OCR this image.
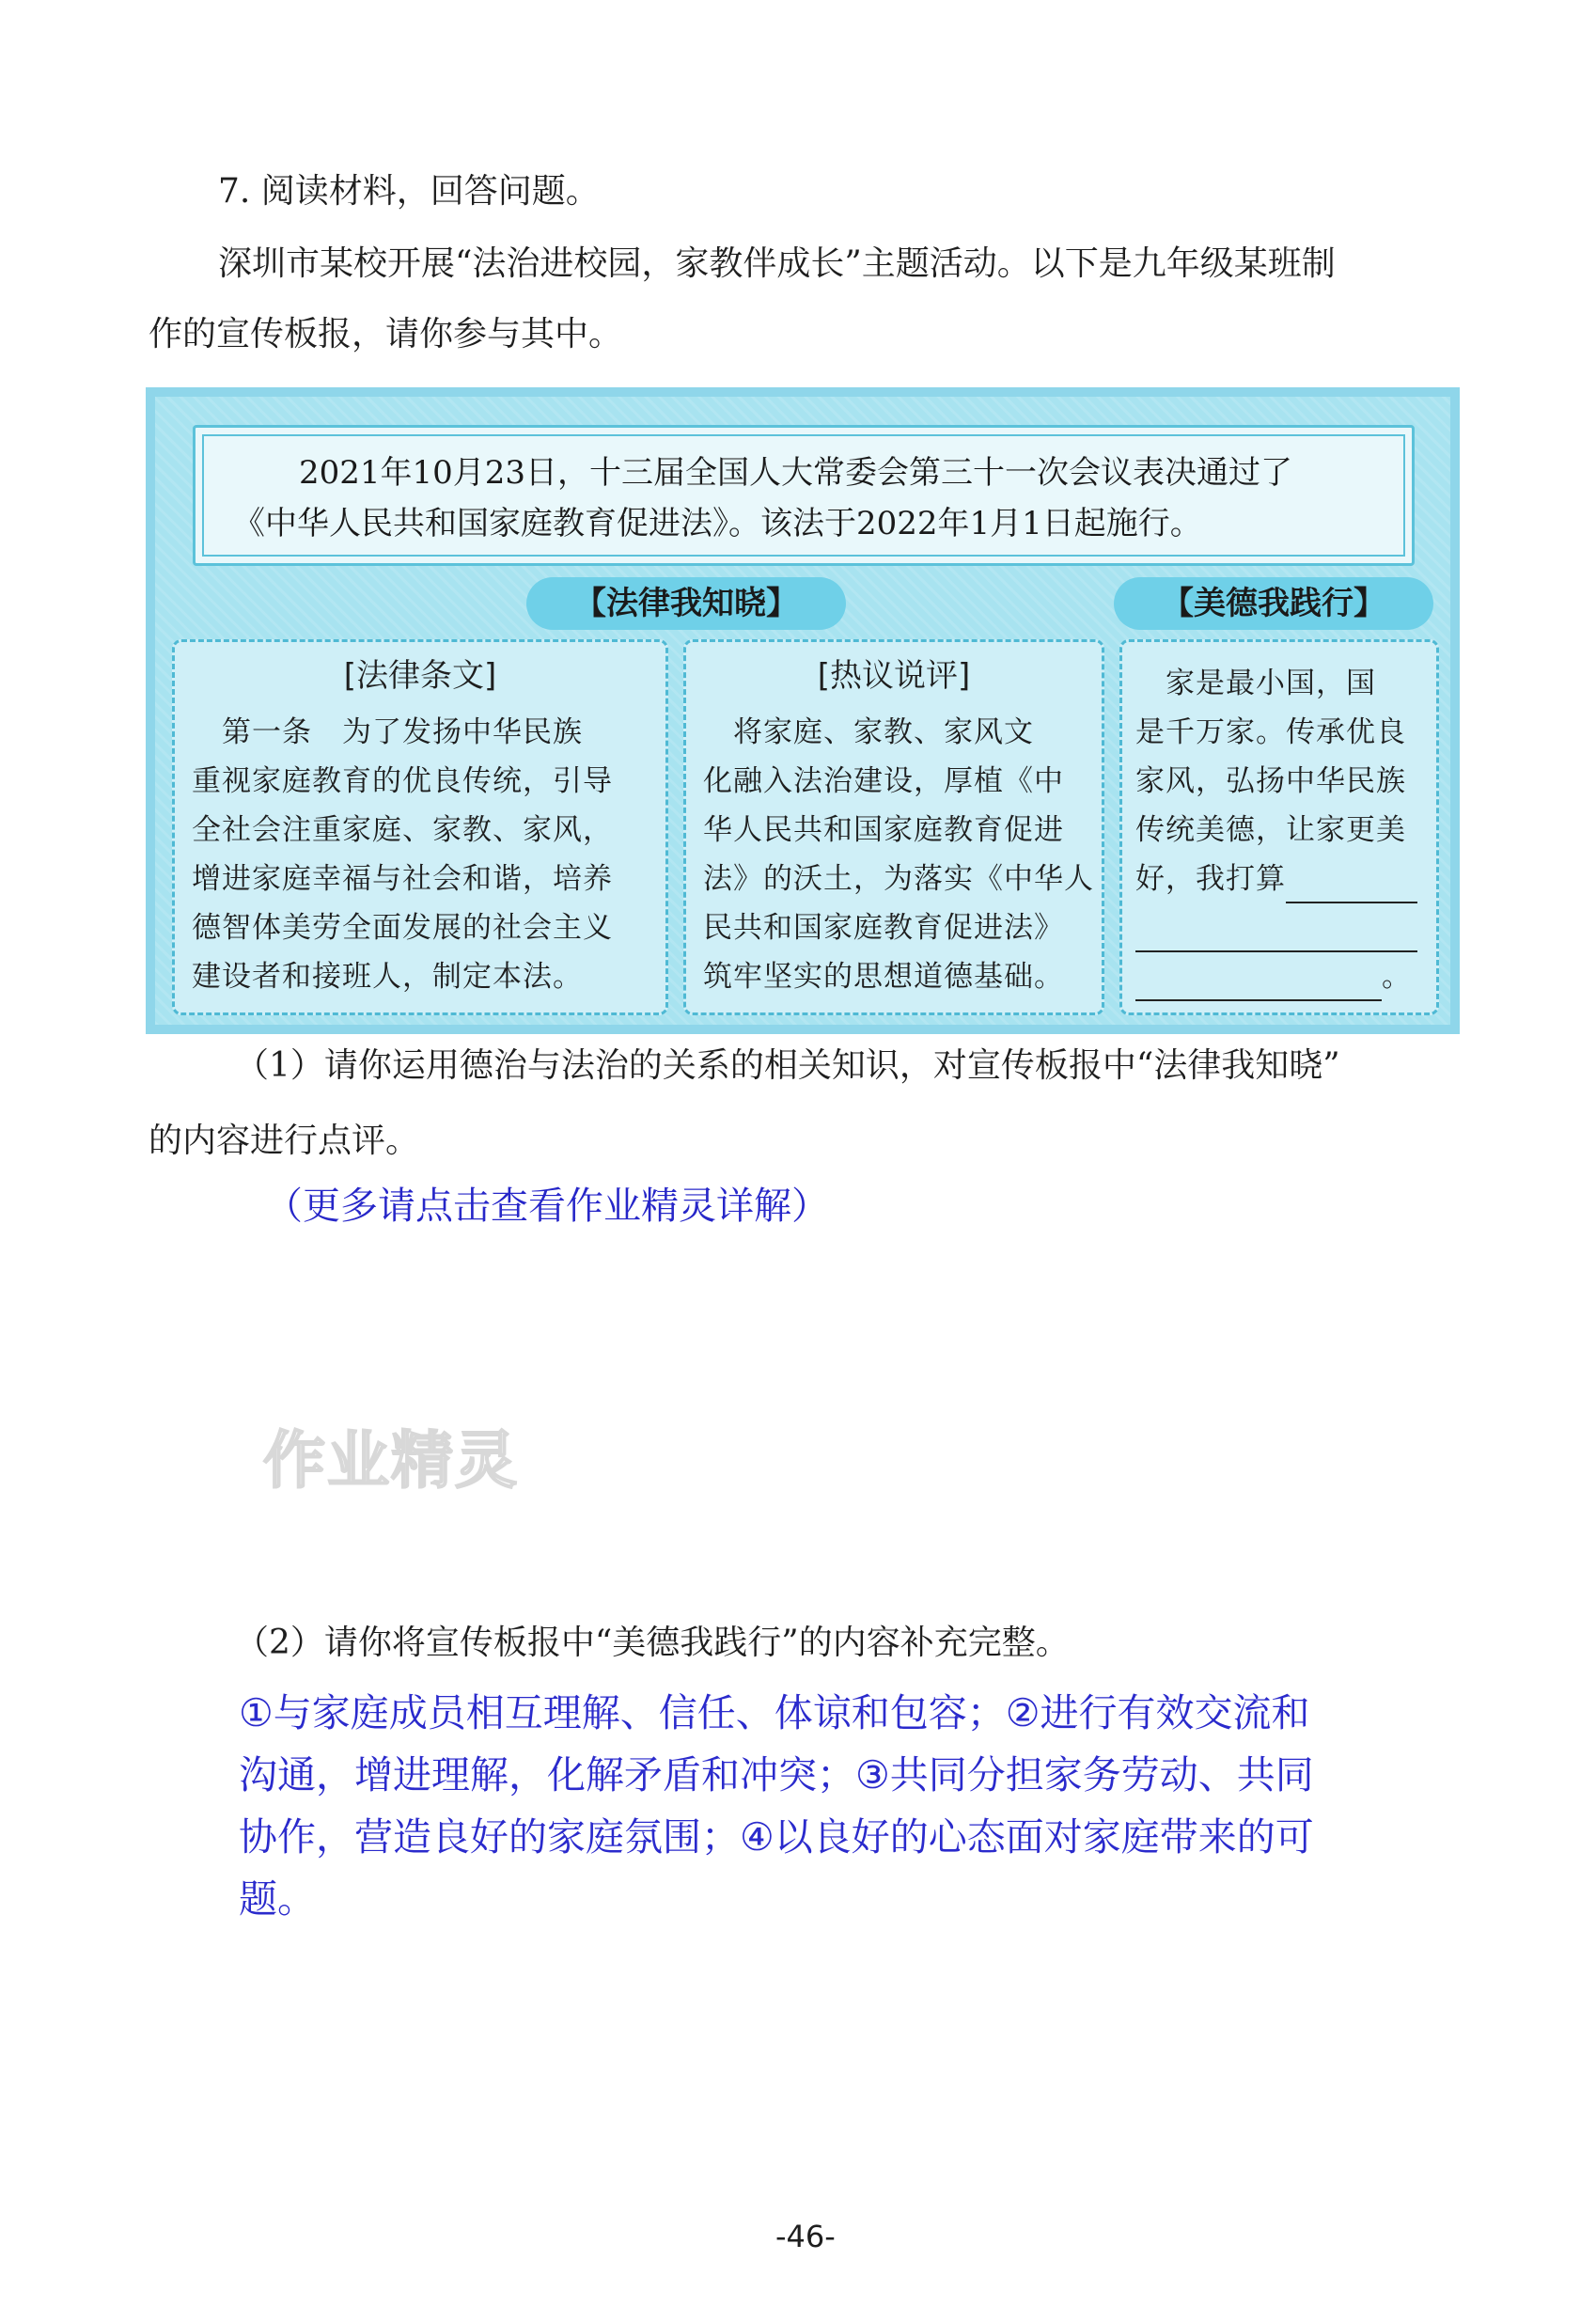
7. 阅读材料，回答问题。
深圳市某校开展“法治进校园，家教伴成长”主题活动。以下是九年级某班制
作的宣传板报，请你参与其中。
2021年10月23日，十三届全国人大常委会第三十一次会议表决通过了
《中华人民共和国家庭教育促进法》。该法于2022年1月1日起施行。
【法律我知晓】	【美德我践行】
[法律条文]
　第一条　为了发扬中华民族
重视家庭教育的优良传统，引导
全社会注重家庭、家教、家风，
增进家庭幸福与社会和谐，培养
德智体美劳全面发展的社会主义
建设者和接班人，制定本法。
[热议说评]
　将家庭、家教、家风文
化融入法治建设，厚植《中
华人民共和国家庭教育促进
法》的沃土，为落实《中华人
民共和国家庭教育促进法》
筑牢坚实的思想道德基础。
　家是最小国，国
是千万家。传承优良
家风，弘扬中华民族
传统美德，让家更美
好，我打算
。
（1）请你运用德治与法治的关系的相关知识，对宣传板报中“法律我知晓”
的内容进行点评。
（更多请点击查看作业精灵详解）
作业精灵
（2）请你将宣传板报中“美德我践行”的内容补充完整。
①与家庭成员相互理解、信任、体谅和包容；②进行有效交流和
沟通，增进理解，化解矛盾和冲突；③共同分担家务劳动、共同
协作，营造良好的家庭氛围；④以良好的心态面对家庭带来的可
题。
-46-
